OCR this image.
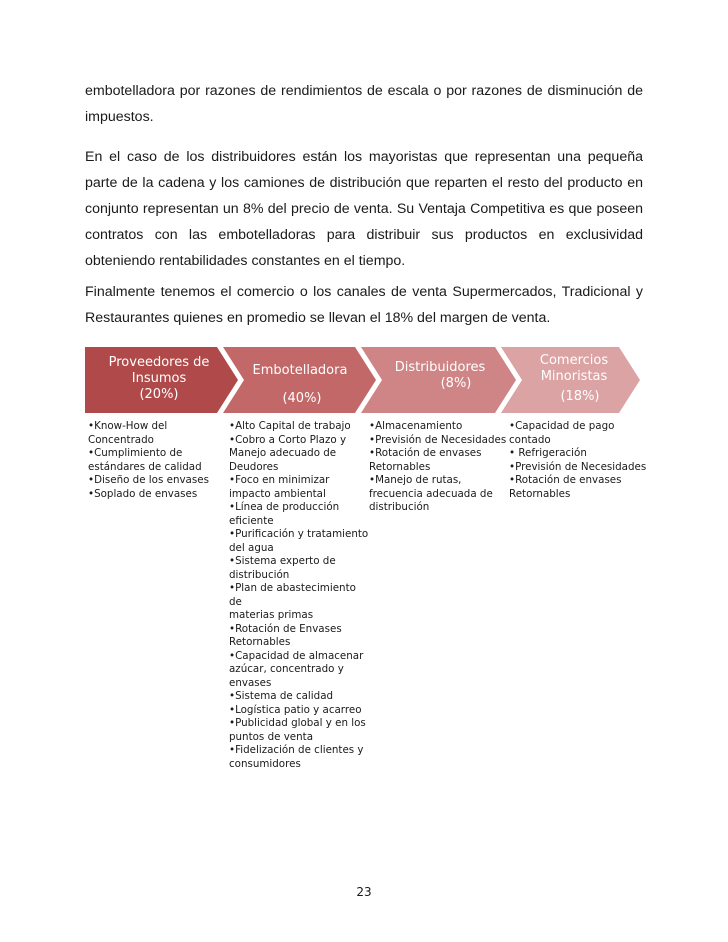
embotelladora por razones de rendimientos de escala o por razones de disminución de impuestos.

En el caso de los distribuidores están los mayoristas que representan una pequeña parte de la cadena y los camiones de distribución que reparten el resto del producto en conjunto representan un 8% del precio de venta. Su Ventaja Competitiva es que poseen contratos con las embotelladoras para distribuir sus productos en exclusividad obteniendo rentabilidades constantes en el tiempo.

Finalmente tenemos el comercio o los canales de venta Supermercados, Tradicional y Restaurantes quienes en promedio se llevan el 18% del margen de venta.

Proveedores de
Insumos
(20%)
Embotelladora
(40%)
Distribuidores
(8%)
Comercios
Minoristas
(18%)

•Know-How del
Concentrado

•Cumplimiento de
estándares de calidad

•Diseño de los envases

•Soplado de envases

•Alto Capital de trabajo

•Cobro a Corto Plazo y
Manejo adecuado de
Deudores

•Foco en minimizar
impacto ambiental

•Línea de producción
eficiente

•Purificación y tratamiento
del agua

•Sistema experto de
distribución

•Plan de abastecimiento de
materias primas

•Rotación de Envases
Retornables

•Capacidad de almacenar
azúcar, concentrado y
envases

•Sistema de calidad

•Logística patio y acarreo

•Publicidad global y en los
puntos de venta

•Fidelización de clientes y
consumidores

•Almacenamiento

•Previsión de Necesidades

•Rotación de envases
Retornables

•Manejo de rutas,
frecuencia adecuada de
distribución

•Capacidad de pago
contado

• Refrigeración

•Previsión de Necesidades

•Rotación de envases
Retornables

23
